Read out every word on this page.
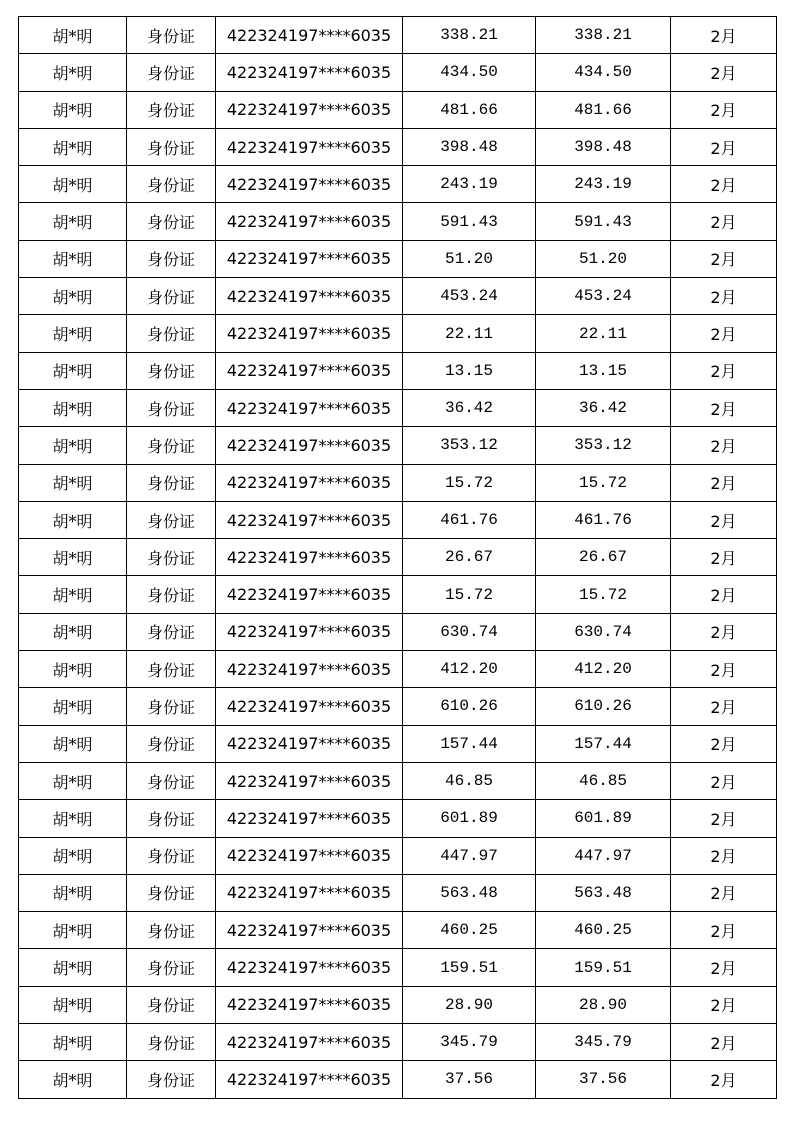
胡*明	身份证	422324197****6035	338.21	338.21	2月
胡*明	身份证	422324197****6035	434.50	434.50	2月
胡*明	身份证	422324197****6035	481.66	481.66	2月
胡*明	身份证	422324197****6035	398.48	398.48	2月
胡*明	身份证	422324197****6035	243.19	243.19	2月
胡*明	身份证	422324197****6035	591.43	591.43	2月
胡*明	身份证	422324197****6035	51.20	51.20	2月
胡*明	身份证	422324197****6035	453.24	453.24	2月
胡*明	身份证	422324197****6035	22.11	22.11	2月
胡*明	身份证	422324197****6035	13.15	13.15	2月
胡*明	身份证	422324197****6035	36.42	36.42	2月
胡*明	身份证	422324197****6035	353.12	353.12	2月
胡*明	身份证	422324197****6035	15.72	15.72	2月
胡*明	身份证	422324197****6035	461.76	461.76	2月
胡*明	身份证	422324197****6035	26.67	26.67	2月
胡*明	身份证	422324197****6035	15.72	15.72	2月
胡*明	身份证	422324197****6035	630.74	630.74	2月
胡*明	身份证	422324197****6035	412.20	412.20	2月
胡*明	身份证	422324197****6035	610.26	610.26	2月
胡*明	身份证	422324197****6035	157.44	157.44	2月
胡*明	身份证	422324197****6035	46.85	46.85	2月
胡*明	身份证	422324197****6035	601.89	601.89	2月
胡*明	身份证	422324197****6035	447.97	447.97	2月
胡*明	身份证	422324197****6035	563.48	563.48	2月
胡*明	身份证	422324197****6035	460.25	460.25	2月
胡*明	身份证	422324197****6035	159.51	159.51	2月
胡*明	身份证	422324197****6035	28.90	28.90	2月
胡*明	身份证	422324197****6035	345.79	345.79	2月
胡*明	身份证	422324197****6035	37.56	37.56	2月
